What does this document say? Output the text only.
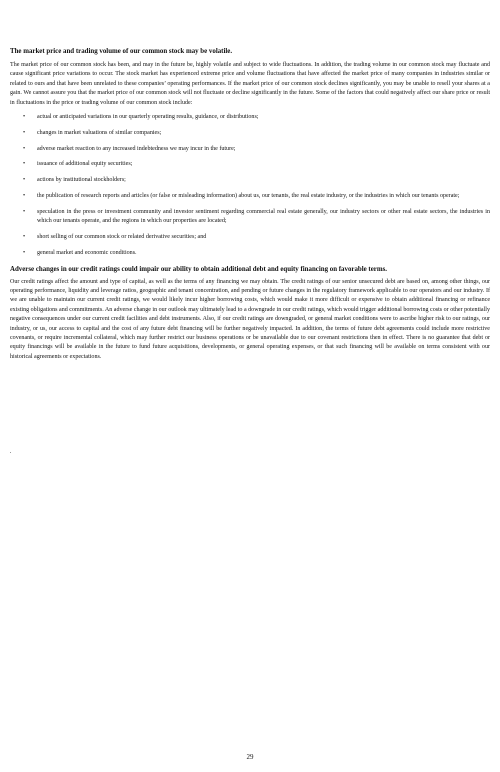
The market price and trading volume of our common stock may be volatile.

The market price of our common stock has been, and may in the future be, highly volatile and subject to wide fluctuations. In addition, the trading volume in our common stock may fluctuate and cause significant price variations to occur. The stock market has experienced extreme price and volume fluctuations that have affected the market price of many companies in industries similar or related to ours and that have been unrelated to these companies’ operating performances. If the market price of our common stock declines significantly, you may be unable to resell your shares at a gain. We cannot assure you that the market price of our common stock will not fluctuate or decline significantly in the future. Some of the factors that could negatively affect our share price or result in fluctuations in the price or trading volume of our common stock include:

• actual or anticipated variations in our quarterly operating results, guidance, or distributions;
• changes in market valuations of similar companies;
• adverse market reaction to any increased indebtedness we may incur in the future;
• issuance of additional equity securities;
• actions by institutional stockholders;
• the publication of research reports and articles (or false or misleading information) about us, our tenants, the real estate industry, or the industries in which our tenants operate;
• speculation in the press or investment community and investor sentiment regarding commercial real estate generally, our industry sectors or other real estate sectors, the industries in which our tenants operate, and the regions in which our properties are located;
• short selling of our common stock or related derivative securities; and
• general market and economic conditions.

Adverse changes in our credit ratings could impair our ability to obtain additional debt and equity financing on favorable terms.

Our credit ratings affect the amount and type of capital, as well as the terms of any financing we may obtain. The credit ratings of our senior unsecured debt are based on, among other things, our operating performance, liquidity and leverage ratios, geographic and tenant concentration, and pending or future changes in the regulatory framework applicable to our operators and our industry. If we are unable to maintain our current credit ratings, we would likely incur higher borrowing costs, which would make it more difficult or expensive to obtain additional financing or refinance existing obligations and commitments. An adverse change in our outlook may ultimately lead to a downgrade in our credit ratings, which would trigger additional borrowing costs or other potentially negative consequences under our current credit facilities and debt instruments. Also, if our credit ratings are downgraded, or general market conditions were to ascribe higher risk to our ratings, our industry, or us, our access to capital and the cost of any future debt financing will be further negatively impacted. In addition, the terms of future debt agreements could include more restrictive covenants, or require incremental collateral, which may further restrict our business operations or be unavailable due to our covenant restrictions then in effect. There is no guarantee that debt or equity financings will be available in the future to fund future acquisitions, developments, or general operating expenses, or that such financing will be available on terms consistent with our historical agreements or expectations.

29
